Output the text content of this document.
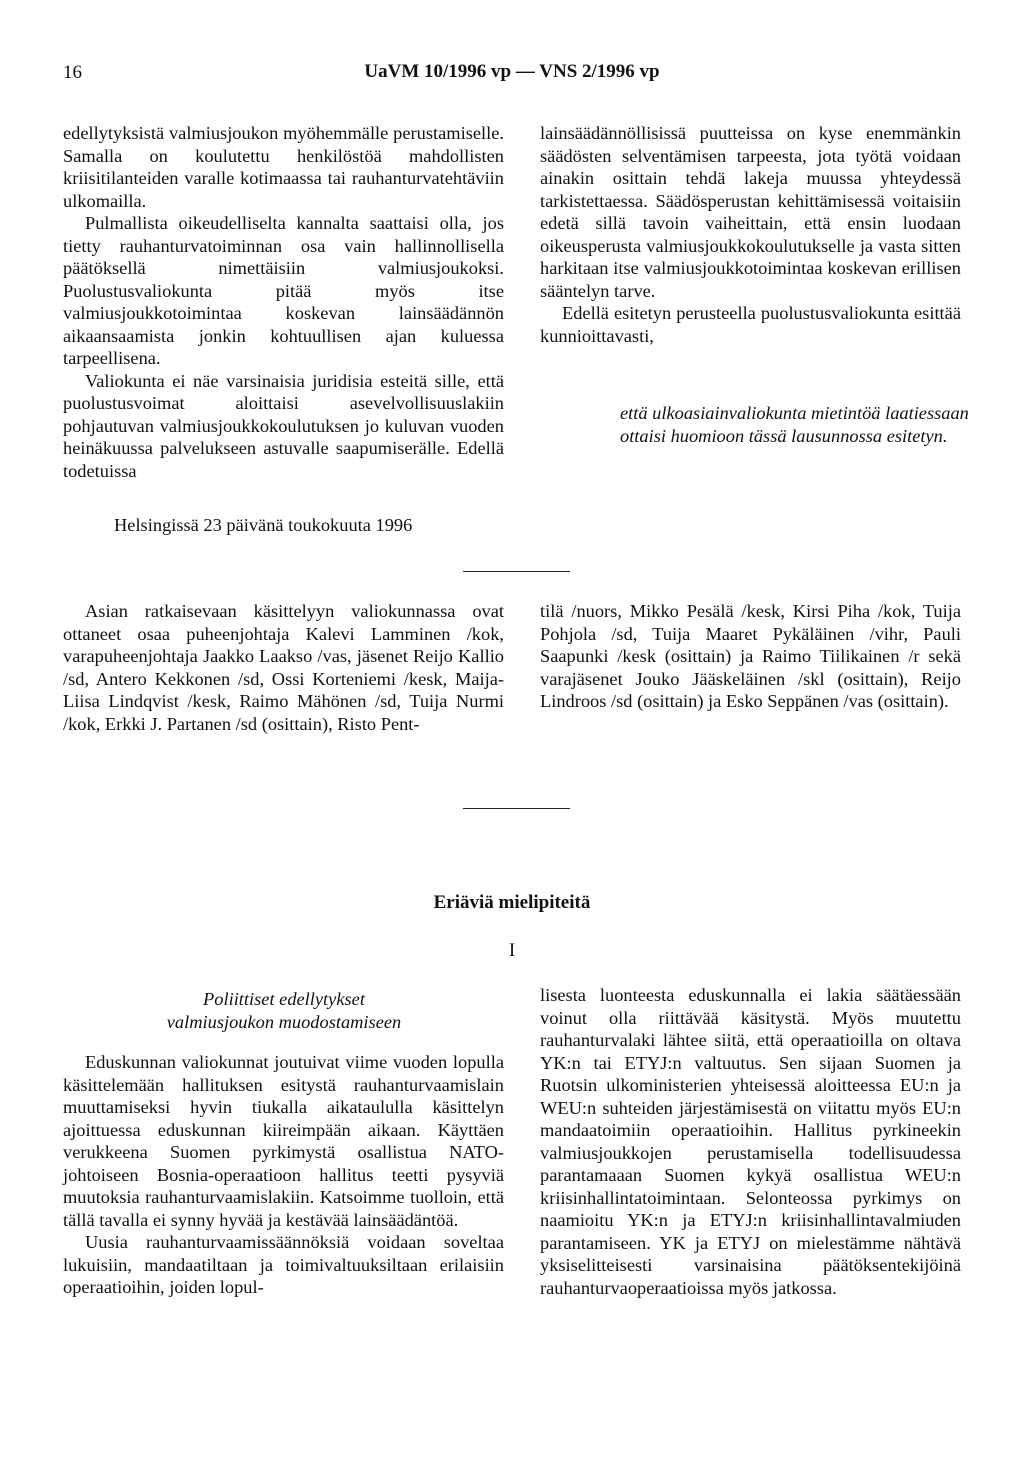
16	UaVM 10/1996 vp — VNS 2/1996 vp

edellytyksistä valmiusjoukon myöhemmälle perustamiselle. Samalla on koulutettu henkilöstöä mahdollisten kriisitilanteiden varalle kotimaassa tai rauhanturvatehtäviin ulkomailla.

Pulmallista oikeudelliselta kannalta saattaisi olla, jos tietty rauhanturvatoiminnan osa vain hallinnollisella päätöksellä nimettäisiin valmiusjoukoksi. Puolustusvaliokunta pitää myös itse valmiusjoukkotoimintaa koskevan lainsäädännön aikaansaamista jonkin kohtuullisen ajan kuluessa tarpeellisena.

Valiokunta ei näe varsinaisia juridisia esteitä sille, että puolustusvoimat aloittaisi asevelvollisuuslakiin pohjautuvan valmiusjoukkokoulutuksen jo kuluvan vuoden heinäkuussa palvelukseen astuvalle saapumiserälle. Edellä todetuissa

lainsäädännöllisissä puutteissa on kyse enemmänkin säädösten selventämisen tarpeesta, jota työtä voidaan ainakin osittain tehdä lakeja muussa yhteydessä tarkistettaessa. Säädösperustan kehittämisessä voitaisiin edetä sillä tavoin vaiheittain, että ensin luodaan oikeusperusta valmiusjoukkokoulutukselle ja vasta sitten harkitaan itse valmiusjoukkotoimintaa koskevan erillisen sääntelyn tarve.

Edellä esitetyn perusteella puolustusvaliokunta esittää kunnioittavasti,

että ulkoasiainvaliokunta mietintöä laatiessaan ottaisi huomioon tässä lausunnossa esitetyn.
Helsingissä 23 päivänä toukokuuta 1996
Asian ratkaisevaan käsittelyyn valiokunnassa ovat ottaneet osaa puheenjohtaja Kalevi Lamminen /kok, varapuheenjohtaja Jaakko Laakso /vas, jäsenet Reijo Kallio /sd, Antero Kekkonen /sd, Ossi Korteniemi /kesk, Maija-Liisa Lindqvist /kesk, Raimo Mähönen /sd, Tuija Nurmi /kok, Erkki J. Partanen /sd (osittain), Risto Pent-
tilä /nuors, Mikko Pesälä /kesk, Kirsi Piha /kok, Tuija Pohjola /sd, Tuija Maaret Pykäläinen /vihr, Pauli Saapunki /kesk (osittain) ja Raimo Tiilikainen /r sekä varajäsenet Jouko Jääskeläinen /skl (osittain), Reijo Lindroos /sd (osittain) ja Esko Seppänen /vas (osittain).
Eriäviä mielipiteitä
I
Poliittiset edellytykset valmiusjoukon muodostamiseen

Eduskunnan valiokunnat joutuivat viime vuoden lopulla käsittelemään hallituksen esitystä rauhanturvaamislain muuttamiseksi hyvin tiukalla aikataululla käsittelyn ajoittuessa eduskunnan kiireimpään aikaan. Käyttäen verukkeena Suomen pyrkimystä osallistua NATO-johtoiseen Bosnia-operaatioon hallitus teetti pysyviä muutoksia rauhanturvaamislakiin. Katsoimme tuolloin, että tällä tavalla ei synny hyvää ja kestävää lainsäädäntöä.

Uusia rauhanturvaamissäännöksiä voidaan soveltaa lukuisiin, mandaatiltaan ja toimivaltuuksiltaan erilaisiin operaatioihin, joiden lopul-

lisesta luonteesta eduskunnalla ei lakia säätäessään voinut olla riittävää käsitystä. Myös muutettu rauhanturvalaki lähtee siitä, että operaatioilla on oltava YK:n tai ETYJ:n valtuutus. Sen sijaan Suomen ja Ruotsin ulkoministerien yhteisessä aloitteessa EU:n ja WEU:n suhteiden järjestämisestä on viitattu myös EU:n mandaatoimiin operaatioihin. Hallitus pyrkineekin valmiusjoukkojen perustamisella todellisuudessa parantamaaan Suomen kykyä osallistua WEU:n kriisinhallintatoimintaan. Selonteossa pyrkimys on naamioitu YK:n ja ETYJ:n kriisinhallintavalmiuden parantamiseen. YK ja ETYJ on mielestämme nähtävä yksiselitteisesti varsinaisina päätöksentekijöinä rauhanturvaoperaatioissa myös jatkossa.
